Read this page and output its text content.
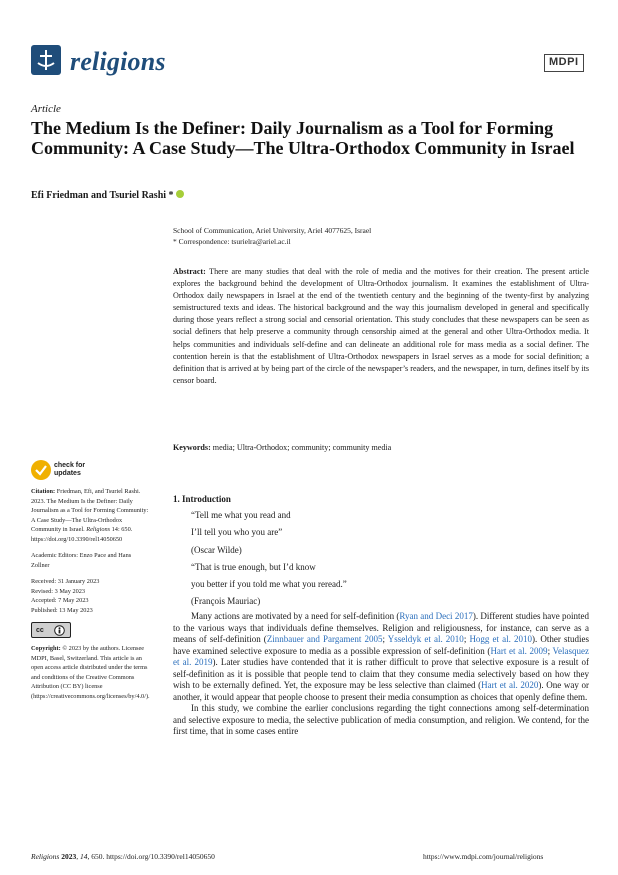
religions	MDPI
Article
The Medium Is the Definer: Daily Journalism as a Tool for Forming Community: A Case Study—The Ultra-Orthodox Community in Israel
Efi Friedman and Tsuriel Rashi *
School of Communication, Ariel University, Ariel 4077625, Israel
* Correspondence: tsurielra@ariel.ac.il
Abstract: There are many studies that deal with the role of media and the motives for their creation. The present article explores the background behind the development of Ultra-Orthodox journalism. It examines the establishment of Ultra-Orthodox daily newspapers in Israel at the end of the twentieth century and the beginning of the twenty-first by analyzing semistructured texts and ideas. The historical background and the way this journalism developed in general and specifically during those years reflect a strong social and censorial orientation. This study concludes that these newspapers can be seen as social definers that help preserve a community through censorship aimed at the general and other Ultra-Orthodox media. It helps communities and individuals self-define and can delineate an additional role for mass media as a social definer. The contention herein is that the establishment of Ultra-Orthodox newspapers in Israel serves as a mode for social definition; a definition that is arrived at by being part of the circle of the newspaper’s readers, and the newspaper, in turn, defines itself by its censor board.
Keywords: media; Ultra-Orthodox; community; community media
check for
updates

Citation: Friedman, Efi, and Tsuriel Rashi. 2023. The Medium Is the Definer: Daily Journalism as a Tool for Forming Community: A Case Study—The Ultra-Orthodox Community in Israel. Religions 14: 650. https://doi.org/10.3390/rel14050650

Academic Editors: Enzo Pace and Hans Zollner

Received: 31 January 2023
Revised: 3 May 2023
Accepted: 7 May 2023
Published: 13 May 2023
cc

Copyright: © 2023 by the authors. Licensee MDPI, Basel, Switzerland. This article is an open access article distributed under the terms and conditions of the Creative Commons Attribution (CC BY) license (https://creativecommons.org/licenses/by/4.0/).

1. Introduction
“Tell me what you read and
I’ll tell you who you are”
(Oscar Wilde)
“That is true enough, but I’d know
you better if you told me what you reread.”
(François Mauriac)

Many actions are motivated by a need for self-definition (Ryan and Deci 2017). Different studies have pointed to the various ways that individuals define themselves. Religion and religiousness, for instance, can serve as a means of self-definition (Zinnbauer and Pargament 2005; Ysseldyk et al. 2010; Hogg et al. 2010). Other studies have examined selective exposure to media as a possible expression of self-definition (Hart et al. 2009; Velasquez et al. 2019). Later studies have contended that it is rather difficult to prove that selective exposure is a result of self-definition as it is possible that people tend to claim that they consume media selectively based on how they wish to be externally defined. Yet, the exposure may be less selective than claimed (Hart et al. 2020). One way or another, it would appear that people choose to present their media consumption as choices that openly define them.

In this study, we combine the earlier conclusions regarding the tight connections among self-determination and selective exposure to media, the selective publication of media consumption, and religion. We contend, for the first time, that in some cases entire

Religions 2023, 14, 650. https://doi.org/10.3390/rel14050650	https://www.mdpi.com/journal/religions
